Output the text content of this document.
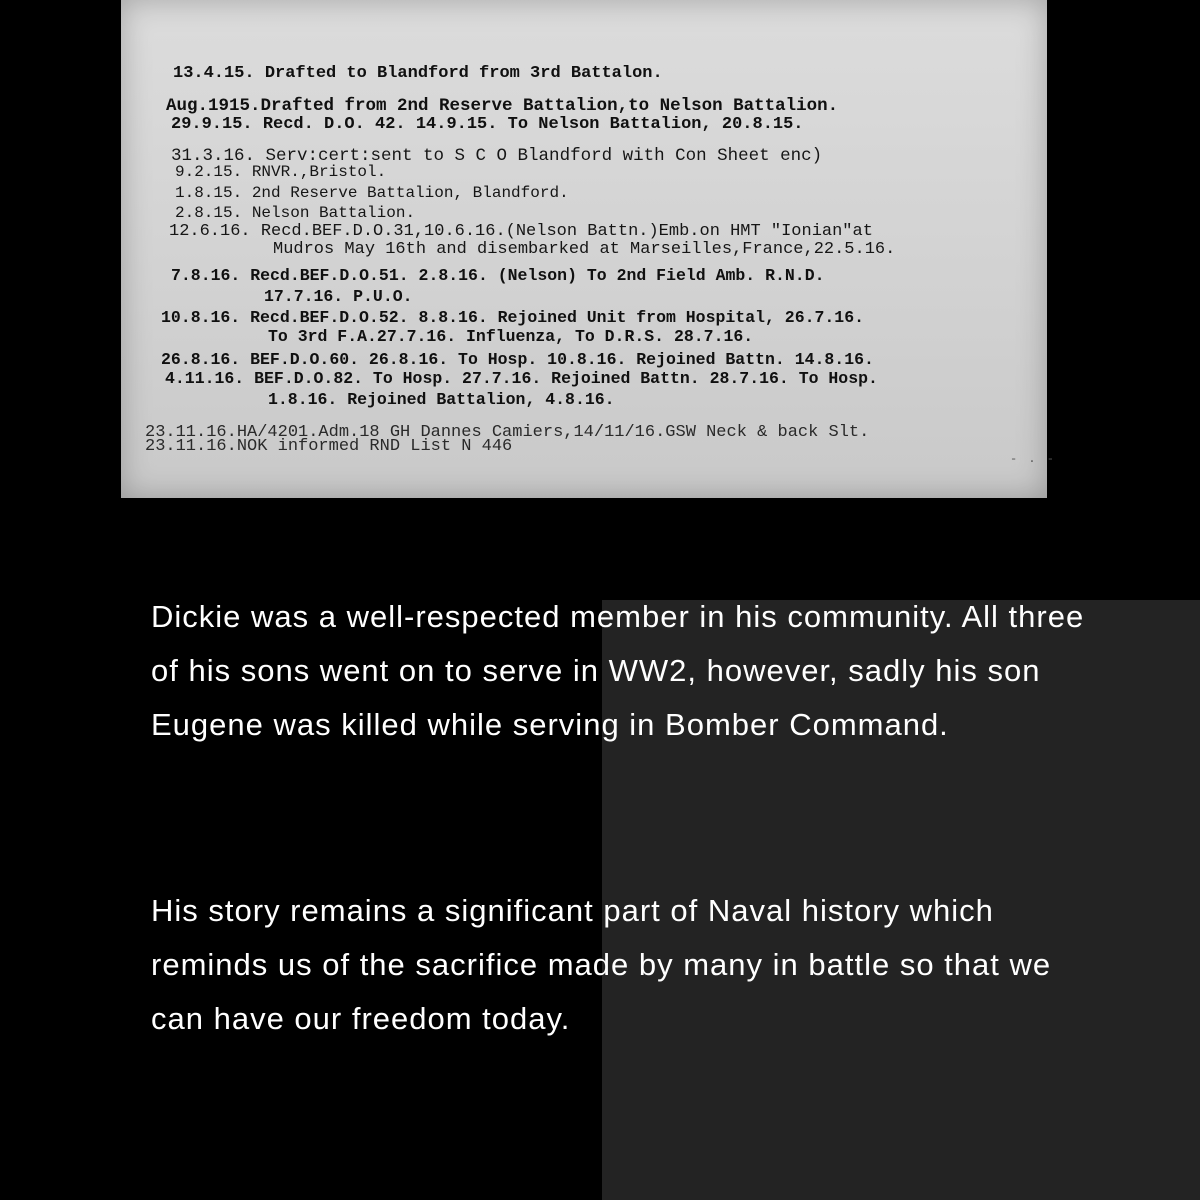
13.4.15. Drafted to Blandford from 3rd Battalon.

Aug.1915.Drafted from 2nd Reserve Battalion,to Nelson Battalion.

29.9.15. Recd. D.O. 42. 14.9.15. To Nelson Battalion, 20.8.15.

31.3.16. Serv:cert:sent to S C O Blandford with Con Sheet enc)

9.2.15. RNVR.,Bristol.

1.8.15. 2nd Reserve Battalion, Blandford.

2.8.15. Nelson Battalion.

12.6.16. Recd.BEF.D.O.31,10.6.16.(Nelson Battn.)Emb.on HMT "Ionian"at

Mudros May 16th and disembarked at Marseilles,France,22.5.16.

7.8.16. Recd.BEF.D.O.51. 2.8.16. (Nelson) To 2nd Field Amb. R.N.D.

17.7.16. P.U.O.

10.8.16. Recd.BEF.D.O.52. 8.8.16. Rejoined Unit from Hospital, 26.7.16.

To 3rd F.A.27.7.16. Influenza, To D.R.S. 28.7.16.

26.8.16. BEF.D.O.60. 26.8.16. To Hosp. 10.8.16. Rejoined Battn. 14.8.16.

4.11.16. BEF.D.O.82. To Hosp. 27.7.16. Rejoined Battn. 28.7.16. To Hosp.

1.8.16. Rejoined Battalion, 4.8.16.

23.11.16.HA/4201.Adm.18 GH Dannes Camiers,14/11/16.GSW Neck & back Slt.

23.11.16.NOK informed RND List N 446

- . -

Dickie was a well-respected member in his community. All three of his sons went on to serve in WW2, however, sadly his son Eugene was killed while serving in Bomber Command.

His story remains a significant part of Naval history which reminds us of the sacrifice made by many in battle so that we can have our freedom today.
